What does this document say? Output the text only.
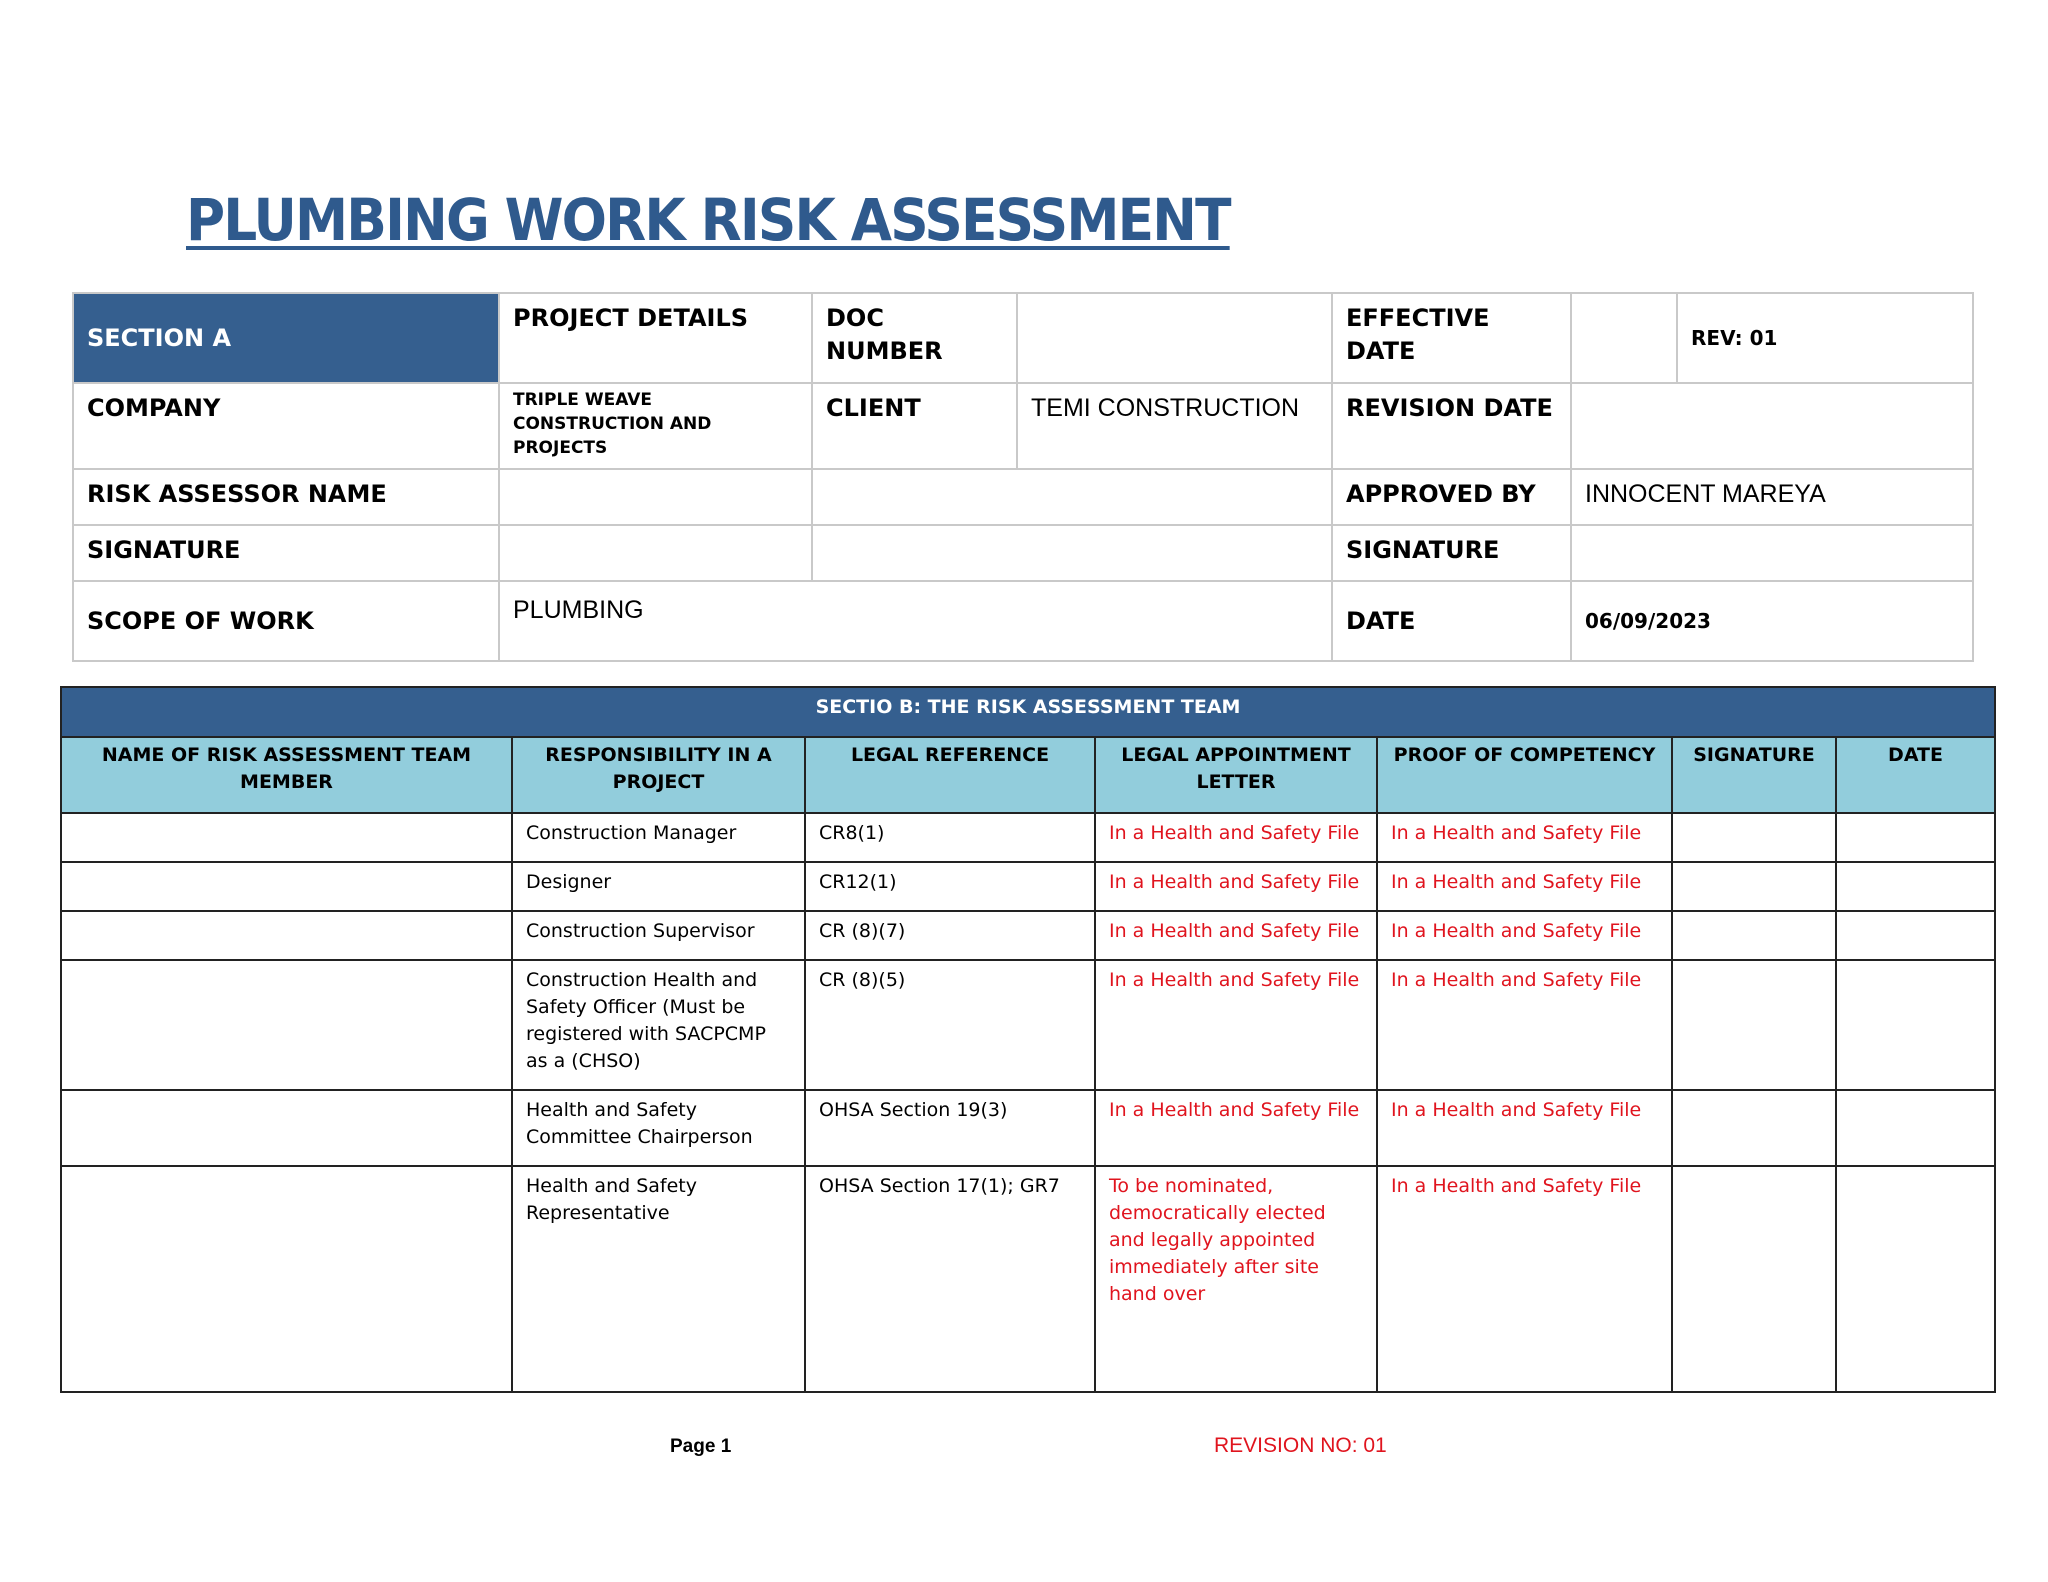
PLUMBING WORK RISK ASSESSMENT
SECTION A	PROJECT DETAILS	DOC NUMBER		EFFECTIVE DATE		REV: 01
COMPANY	TRIPLE WEAVE CONSTRUCTION AND PROJECTS	CLIENT	TEMI CONSTRUCTION	REVISION DATE		
RISK ASSESSOR NAME				APPROVED BY	INNOCENT MAREYA	
SIGNATURE				SIGNATURE		
SCOPE OF WORK	PLUMBING			DATE	06/09/2023	
SECTIO B: THE RISK ASSESSMENT TEAM						
NAME OF RISK ASSESSMENT TEAM MEMBER	RESPONSIBILITY IN A PROJECT	LEGAL REFERENCE	LEGAL APPOINTMENT LETTER	PROOF OF COMPETENCY	SIGNATURE	DATE
	Construction Manager	CR8(1)	In a Health and Safety File	In a Health and Safety File		
	Designer	CR12(1)	In a Health and Safety File	In a Health and Safety File		
	Construction Supervisor	CR (8)(7)	In a Health and Safety File	In a Health and Safety File		
	Construction Health and Safety Officer (Must be registered with SACPCMP as a (CHSO)	CR (8)(5)	In a Health and Safety File	In a Health and Safety File		
	Health and Safety Committee Chairperson	OHSA Section 19(3)	In a Health and Safety File	In a Health and Safety File		
	Health and Safety Representative	OHSA Section 17(1); GR7	To be nominated, democratically elected and legally appointed immediately after site hand over	In a Health and Safety File		
Page 1	REVISION NO: 01
